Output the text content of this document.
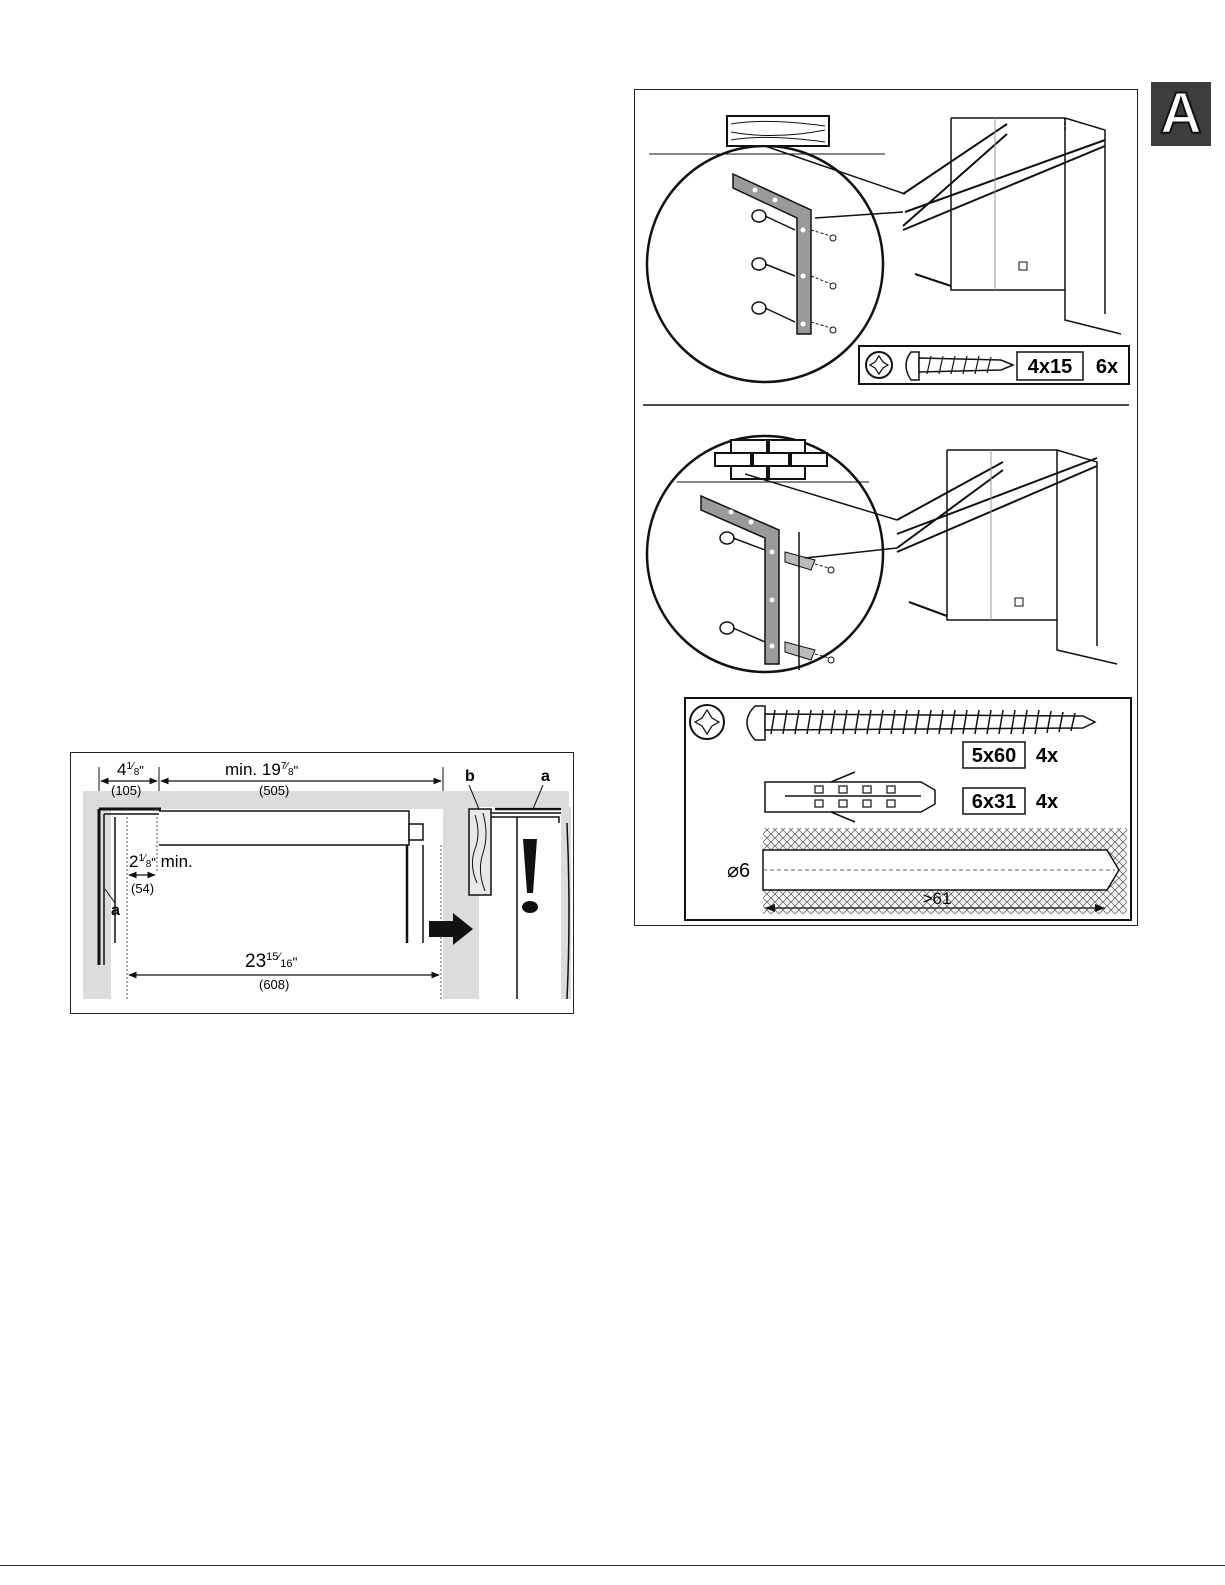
A
$4^1⁄_8$"
(105)
min. $19^7⁄_8$"
(505)
$2^1⁄_8$" min.
(54)
$23^{15}⁄_{16}$"
(608)
a
b	a
4x15 6x
5x60 4x
6x31 4x
⌀6
>61
